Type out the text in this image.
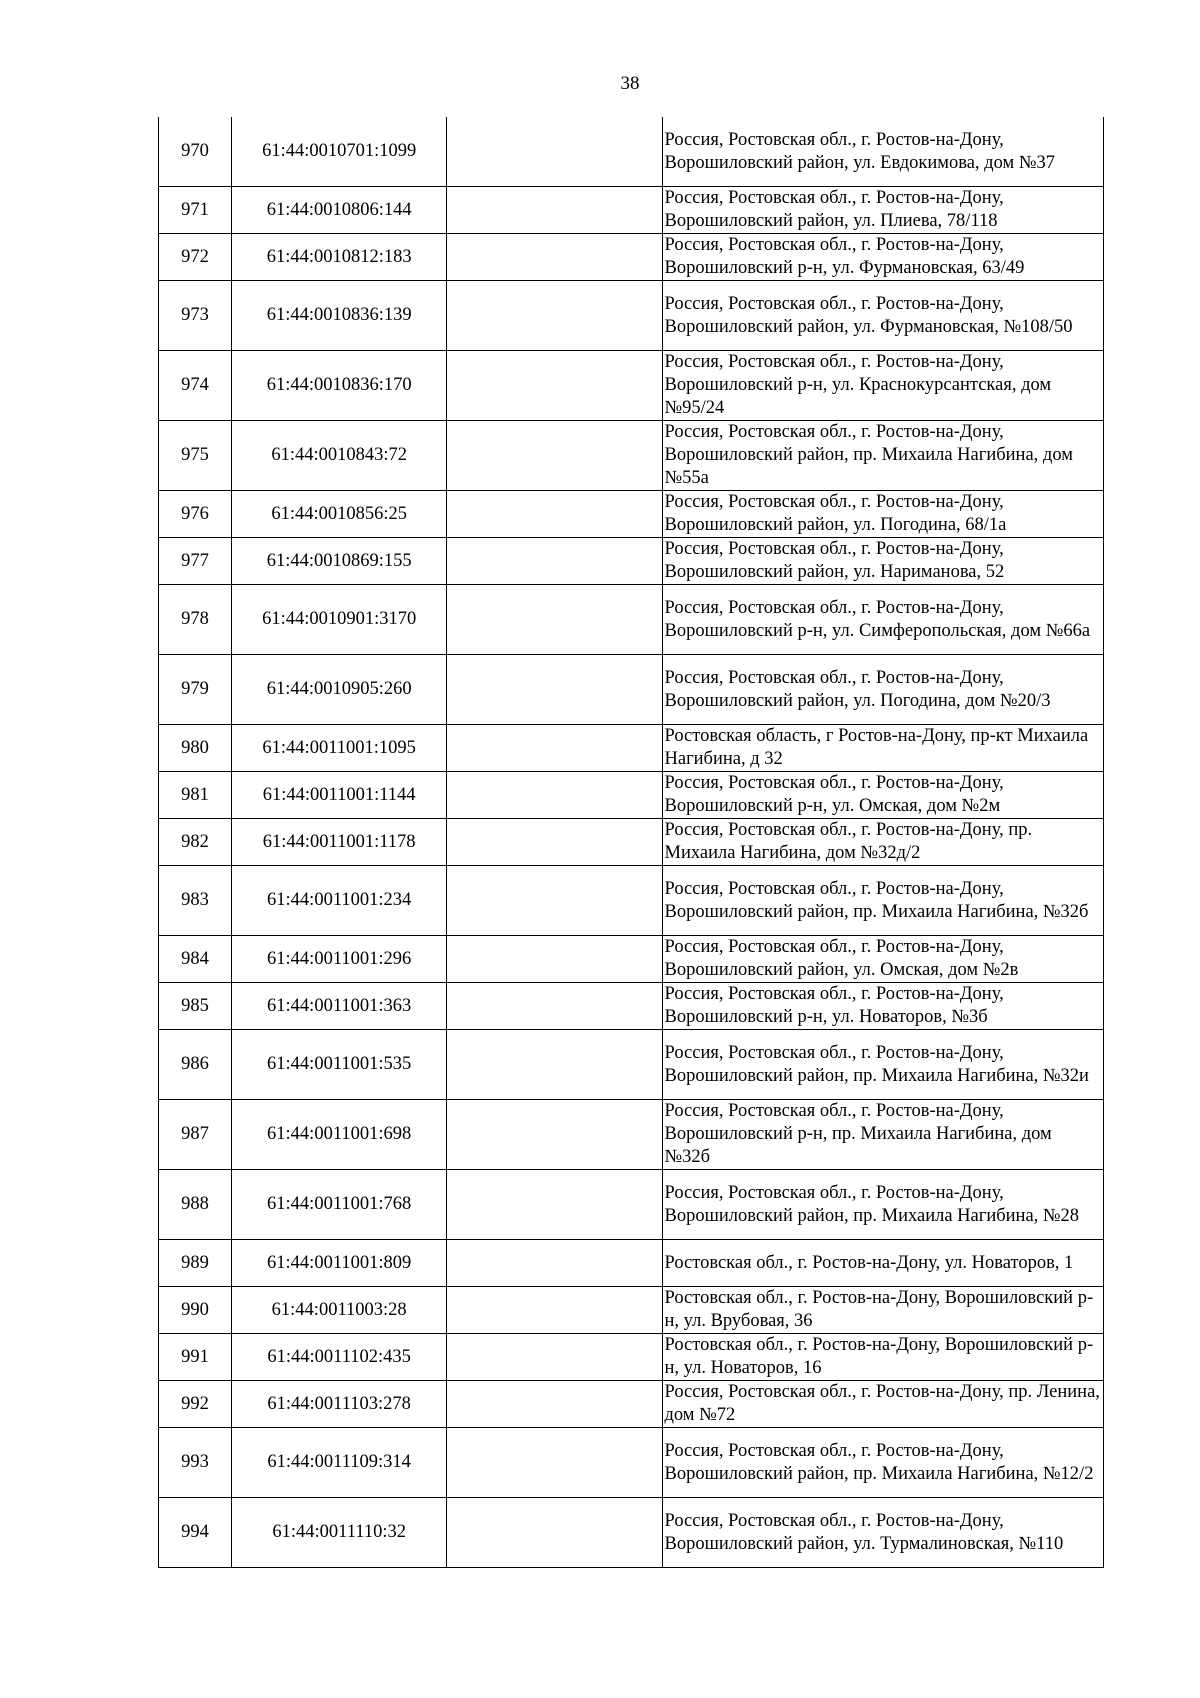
38
970	61:44:0010701:1099		Россия, Ростовская обл., г. Ростов-на-Дону, Ворошиловский район, ул. Евдокимова, дом №37
971	61:44:0010806:144		Россия, Ростовская обл., г. Ростов-на-Дону, Ворошиловский район, ул. Плиева, 78/118
972	61:44:0010812:183		Россия, Ростовская обл., г. Ростов-на-Дону, Ворошиловский р-н, ул. Фурмановская, 63/49
973	61:44:0010836:139		Россия, Ростовская обл., г. Ростов-на-Дону, Ворошиловский район, ул. Фурмановская, №108/50
974	61:44:0010836:170		Россия, Ростовская обл., г. Ростов-на-Дону, Ворошиловский р-н, ул. Краснокурсантская, дом №95/24
975	61:44:0010843:72		Россия, Ростовская обл., г. Ростов-на-Дону, Ворошиловский район, пр. Михаила Нагибина, дом №55а
976	61:44:0010856:25		Россия, Ростовская обл., г. Ростов-на-Дону, Ворошиловский район, ул. Погодина, 68/1а
977	61:44:0010869:155		Россия, Ростовская обл., г. Ростов-на-Дону, Ворошиловский район, ул. Нариманова, 52
978	61:44:0010901:3170		Россия, Ростовская обл., г. Ростов-на-Дону, Ворошиловский р-н, ул. Симферопольская, дом №66а
979	61:44:0010905:260		Россия, Ростовская обл., г. Ростов-на-Дону, Ворошиловский район, ул. Погодина, дом №20/3
980	61:44:0011001:1095		Ростовская область, г Ростов-на-Дону, пр-кт Михаила Нагибина, д 32
981	61:44:0011001:1144		Россия, Ростовская обл., г. Ростов-на-Дону, Ворошиловский р-н, ул. Омская, дом №2м
982	61:44:0011001:1178		Россия, Ростовская обл., г. Ростов-на-Дону, пр. Михаила Нагибина, дом №32д/2
983	61:44:0011001:234		Россия, Ростовская обл., г. Ростов-на-Дону, Ворошиловский район, пр. Михаила Нагибина, №32б
984	61:44:0011001:296		Россия, Ростовская обл., г. Ростов-на-Дону, Ворошиловский район, ул. Омская, дом №2в
985	61:44:0011001:363		Россия, Ростовская обл., г. Ростов-на-Дону, Ворошиловский р-н, ул. Новаторов, №3б
986	61:44:0011001:535		Россия, Ростовская обл., г. Ростов-на-Дону, Ворошиловский район, пр. Михаила Нагибина, №32и
987	61:44:0011001:698		Россия, Ростовская обл., г. Ростов-на-Дону, Ворошиловский р-н, пр. Михаила Нагибина, дом №32б
988	61:44:0011001:768		Россия, Ростовская обл., г. Ростов-на-Дону, Ворошиловский район, пр. Михаила Нагибина, №28
989	61:44:0011001:809		Ростовская обл., г. Ростов-на-Дону, ул. Новаторов, 1
990	61:44:0011003:28		Ростовская обл., г. Ростов-на-Дону, Ворошиловский р-н, ул. Врубовая, 36
991	61:44:0011102:435		Ростовская обл., г. Ростов-на-Дону, Ворошиловский р-н, ул. Новаторов, 16
992	61:44:0011103:278		Россия, Ростовская обл., г. Ростов-на-Дону, пр. Ленина, дом №72
993	61:44:0011109:314		Россия, Ростовская обл., г. Ростов-на-Дону, Ворошиловский район, пр. Михаила Нагибина, №12/2
994	61:44:0011110:32		Россия, Ростовская обл., г. Ростов-на-Дону, Ворошиловский район, ул. Турмалиновская, №110
